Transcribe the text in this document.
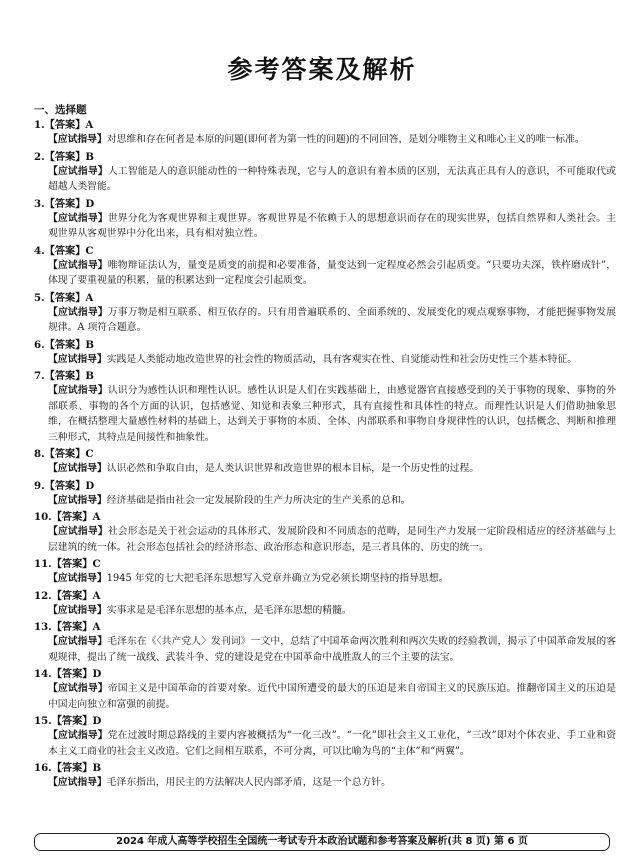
参考答案及解析
一、选择题
1.【答案】A
【应试指导】对思维和存在何者是本原的问题(即何者为第一性的问题)的不同回答，是划分唯物主义和唯心主义的唯一标准。
2.【答案】B
【应试指导】人工智能是人的意识能动性的一种特殊表现，它与人的意识有着本质的区别，无法真正具有人的意识，不可能取代或超越人类智能。
3.【答案】D
【应试指导】世界分化为客观世界和主观世界。客观世界是不依赖于人的思想意识而存在的现实世界，包括自然界和人类社会。主观世界从客观世界中分化出来，具有相对独立性。
4.【答案】C
【应试指导】唯物辩证法认为，量变是质变的前提和必要准备，量变达到一定程度必然会引起质变。“只要功夫深，铁杵磨成针”，体现了要重视量的积累，量的积累达到一定程度会引起质变。
5.【答案】A
【应试指导】万事万物是相互联系、相互依存的。只有用普遍联系的、全面系统的、发展变化的观点观察事物，才能把握事物发展规律。A 项符合题意。
6.【答案】B
【应试指导】实践是人类能动地改造世界的社会性的物质活动，具有客观实在性、自觉能动性和社会历史性三个基本特征。
7.【答案】B
【应试指导】认识分为感性认识和理性认识。感性认识是人们在实践基础上，由感觉器官直接感受到的关于事物的现象、事物的外部联系、事物的各个方面的认识，包括感觉、知觉和表象三种形式，具有直接性和具体性的特点。而理性认识是人们借助抽象思维，在概括整理大量感性材料的基础上，达到关于事物的本质、全体、内部联系和事物自身规律性的认识，包括概念、判断和推理三种形式，其特点是间接性和抽象性。
8.【答案】C
【应试指导】认识必然和争取自由，是人类认识世界和改造世界的根本目标，是一个历史性的过程。
9.【答案】D
【应试指导】经济基础是指由社会一定发展阶段的生产力所决定的生产关系的总和。
10.【答案】A
【应试指导】社会形态是关于社会运动的具体形式、发展阶段和不同质态的范畴，是同生产力发展一定阶段相适应的经济基础与上层建筑的统一体。社会形态包括社会的经济形态、政治形态和意识形态，是三者具体的、历史的统一。
11.【答案】C
【应试指导】1945 年党的七大把毛泽东思想写入党章并确立为党必须长期坚持的指导思想。
12.【答案】A
【应试指导】实事求是是毛泽东思想的基本点，是毛泽东思想的精髓。
13.【答案】A
【应试指导】毛泽东在《〈共产党人〉发刊词》一文中，总结了中国革命两次胜利和两次失败的经验教训，揭示了中国革命发展的客观规律，提出了统一战线、武装斗争、党的建设是党在中国革命中战胜敌人的三个主要的法宝。
14.【答案】D
【应试指导】帝国主义是中国革命的首要对象。近代中国所遭受的最大的压迫是来自帝国主义的民族压迫。推翻帝国主义的压迫是中国走向独立和富强的前提。
15.【答案】D
【应试指导】党在过渡时期总路线的主要内容被概括为“一化三改”。“一化”即社会主义工业化，“三改”即对个体农业、手工业和资本主义工商业的社会主义改造。它们之间相互联系，不可分离，可以比喻为鸟的“主体”和“两翼”。
16.【答案】B
【应试指导】毛泽东指出，用民主的方法解决人民内部矛盾，这是一个总方针。
2024 年成人高等学校招生全国统一考试专升本政治试题和参考答案及解析(共 8 页) 第 6 页
